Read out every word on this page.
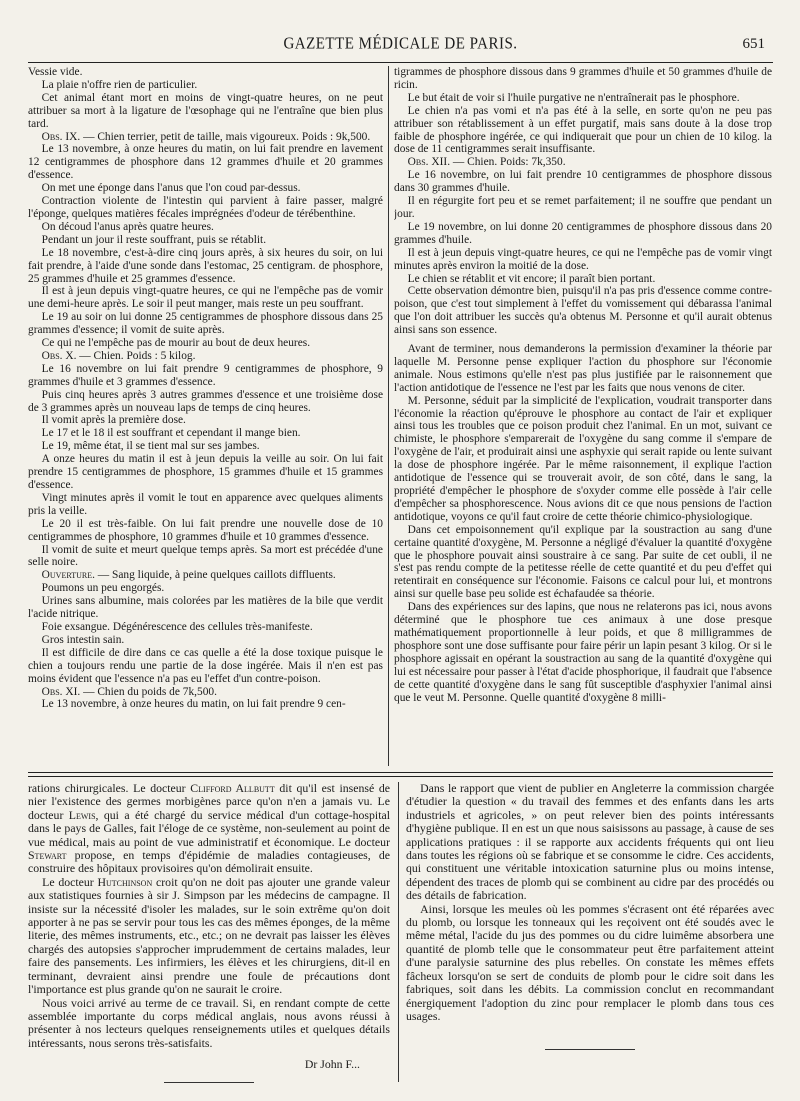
GAZETTE MÉDICALE DE PARIS.	651

Vessie vide.

La plaie n'offre rien de particulier.

Cet animal étant mort en moins de vingt-quatre heures, on ne peut attribuer sa mort à la ligature de l'œsophage qui ne l'entraîne que bien plus tard.

Obs. IX. — Chien terrier, petit de taille, mais vigoureux. Poids : 9k,500.

Le 13 novembre, à onze heures du matin, on lui fait prendre en lavement 12 centigrammes de phosphore dans 12 grammes d'huile et 20 grammes d'essence.

On met une éponge dans l'anus que l'on coud par-dessus.

Contraction violente de l'intestin qui parvient à faire passer, malgré l'éponge, quelques matières fécales imprégnées d'odeur de térébenthine.

On découd l'anus après quatre heures.

Pendant un jour il reste souffrant, puis se rétablit.

Le 18 novembre, c'est-à-dire cinq jours après, à six heures du soir, on lui fait prendre, à l'aide d'une sonde dans l'estomac, 25 centigram. de phosphore, 25 grammes d'huile et 25 grammes d'essence.

Il est à jeun depuis vingt-quatre heures, ce qui ne l'empêche pas de vomir une demi-heure après. Le soir il peut manger, mais reste un peu souffrant.

Le 19 au soir on lui donne 25 centigrammes de phosphore dissous dans 25 grammes d'essence; il vomit de suite après.

Ce qui ne l'empêche pas de mourir au bout de deux heures.

Obs. X. — Chien. Poids : 5 kilog.

Le 16 novembre on lui fait prendre 9 centigrammes de phosphore, 9 grammes d'huile et 3 grammes d'essence.

Puis cinq heures après 3 autres grammes d'essence et une troisième dose de 3 grammes après un nouveau laps de temps de cinq heures.

Il vomit après la première dose.

Le 17 et le 18 il est souffrant et cependant il mange bien.

Le 19, même état, il se tient mal sur ses jambes.

A onze heures du matin il est à jeun depuis la veille au soir. On lui fait prendre 15 centigrammes de phosphore, 15 grammes d'huile et 15 grammes d'essence.

Vingt minutes après il vomit le tout en apparence avec quelques aliments pris la veille.

Le 20 il est très-faible. On lui fait prendre une nouvelle dose de 10 centigrammes de phosphore, 10 grammes d'huile et 10 grammes d'essence.

Il vomit de suite et meurt quelque temps après. Sa mort est précédée d'une selle noire.

Ouverture. — Sang liquide, à peine quelques caillots diffluents.

Poumons un peu engorgés.

Urines sans albumine, mais colorées par les matières de la bile que verdit l'acide nitrique.

Foie exsangue. Dégénérescence des cellules très-manifeste.

Gros intestin sain.

Il est difficile de dire dans ce cas quelle a été la dose toxique puisque le chien a toujours rendu une partie de la dose ingérée. Mais il n'en est pas moins évident que l'essence n'a pas eu l'effet d'un contre-poison.

Obs. XI. — Chien du poids de 7k,500.

Le 13 novembre, à onze heures du matin, on lui fait prendre 9 cen-

tigrammes de phosphore dissous dans 9 grammes d'huile et 50 grammes d'huile de ricin.

Le but était de voir si l'huile purgative ne n'entraînerait pas le phosphore.

Le chien n'a pas vomi et n'a pas été à la selle, en sorte qu'on ne peu pas attribuer son rétablissement à un effet purgatif, mais sans doute à la dose trop faible de phosphore ingérée, ce qui indiquerait que pour un chien de 10 kilog. la dose de 11 centigrammes serait insuffisante.

Obs. XII. — Chien. Poids: 7k,350.

Le 16 novembre, on lui fait prendre 10 centigrammes de phosphore dissous dans 30 grammes d'huile.

Il en régurgite fort peu et se remet parfaitement; il ne souffre que pendant un jour.

Le 19 novembre, on lui donne 20 centigrammes de phosphore dissous dans 20 grammes d'huile.

Il est à jeun depuis vingt-quatre heures, ce qui ne l'empêche pas de vomir vingt minutes après environ la moitié de la dose.

Le chien se rétablit et vit encore; il paraît bien portant.

Cette observation démontre bien, puisqu'il n'a pas pris d'essence comme contre-poison, que c'est tout simplement à l'effet du vomissement qui débarassa l'animal que l'on doit attribuer les succès qu'a obtenus M. Personne et qu'il aurait obtenus ainsi sans son essence.

Avant de terminer, nous demanderons la permission d'examiner la théorie par laquelle M. Personne pense expliquer l'action du phosphore sur l'économie animale. Nous estimons qu'elle n'est pas plus justifiée par le raisonnement que l'action antidotique de l'essence ne l'est par les faits que nous venons de citer.

M. Personne, séduit par la simplicité de l'explication, voudrait transporter dans l'économie la réaction qu'éprouve le phosphore au contact de l'air et expliquer ainsi tous les troubles que ce poison produit chez l'animal. En un mot, suivant ce chimiste, le phosphore s'emparerait de l'oxygène du sang comme il s'empare de l'oxygène de l'air, et produirait ainsi une asphyxie qui serait rapide ou lente suivant la dose de phosphore ingérée. Par le même raisonnement, il explique l'action antidotique de l'essence qui se trouverait avoir, de son côté, dans le sang, la propriété d'empêcher le phosphore de s'oxyder comme elle possède à l'air celle d'empêcher sa phosphorescence. Nous avions dit ce que nous pensions de l'action antidotique, voyons ce qu'il faut croire de cette théorie chimico-physiologique.

Dans cet empoisonnement qu'il explique par la soustraction au sang d'une certaine quantité d'oxygène, M. Personne a négligé d'évaluer la quantité d'oxygène que le phosphore pouvait ainsi soustraire à ce sang. Par suite de cet oubli, il ne s'est pas rendu compte de la petitesse réelle de cette quantité et du peu d'effet qui retentirait en conséquence sur l'économie. Faisons ce calcul pour lui, et montrons ainsi sur quelle base peu solide est échafaudée sa théorie.

Dans des expériences sur des lapins, que nous ne relaterons pas ici, nous avons déterminé que le phosphore tue ces animaux à une dose presque mathématiquement proportionnelle à leur poids, et que 8 milligrammes de phosphore sont une dose suffisante pour faire périr un lapin pesant 3 kilog. Or si le phosphore agissait en opérant la soustraction au sang de la quantité d'oxygène qui lui est nécessaire pour passer à l'état d'acide phosphorique, il faudrait que l'absence de cette quantité d'oxygène dans le sang fût susceptible d'asphyxier l'animal ainsi que le veut M. Personne. Quelle quantité d'oxygène 8 milli-

rations chirurgicales. Le docteur Clifford Allbutt dit qu'il est insensé de nier l'existence des germes morbigènes parce qu'on n'en a jamais vu. Le docteur Lewis, qui a été chargé du service médical d'un cottage-hospital dans le pays de Galles, fait l'éloge de ce système, non-seulement au point de vue médical, mais au point de vue administratif et économique. Le docteur Stewart propose, en temps d'épidémie de maladies contagieuses, de construire des hôpitaux provisoires qu'on démolirait ensuite.

Le docteur Hutchinson croit qu'on ne doit pas ajouter une grande valeur aux statistiques fournies à sir J. Simpson par les médecins de campagne. Il insiste sur la nécessité d'isoler les malades, sur le soin extrême qu'on doit apporter à ne pas se servir pour tous les cas des mêmes éponges, de la même literie, des mêmes instruments, etc., etc.; on ne devrait pas laisser les élèves chargés des autopsies s'approcher imprudemment de certains malades, leur faire des pansements. Les infirmiers, les élèves et les chirurgiens, dit-il en terminant, devraient ainsi prendre une foule de précautions dont l'importance est plus grande qu'on ne saurait le croire.

Nous voici arrivé au terme de ce travail. Si, en rendant compte de cette assemblée importante du corps médical anglais, nous avons réussi à présenter à nos lecteurs quelques renseignements utiles et quelques détails intéressants, nous serons très-satisfaits.

Dr John F...

Dans le rapport que vient de publier en Angleterre la commission chargée d'étudier la question « du travail des femmes et des enfants dans les arts industriels et agricoles, » on peut relever bien des points intéressants d'hygiène publique. Il en est un que nous saisissons au passage, à cause de ses applications pratiques : il se rapporte aux accidents fréquents qui ont lieu dans toutes les régions où se fabrique et se consomme le cidre. Ces accidents, qui constituent une véritable intoxication saturnine plus ou moins intense, dépendent des traces de plomb qui se combinent au cidre par des procédés ou des détails de fabrication.

Ainsi, lorsque les meules où les pommes s'écrasent ont été réparées avec du plomb, ou lorsque les tonneaux qui les reçoivent ont été soudés avec le même métal, l'acide du jus des pommes ou du cidre luimême absorbera une quantité de plomb telle que le consommateur peut être parfaitement atteint d'une paralysie saturnine des plus rebelles. On constate les mêmes effets fâcheux lorsqu'on se sert de conduits de plomb pour le cidre soit dans les fabriques, soit dans les débits. La commission conclut en recommandant énergiquement l'adoption du zinc pour remplacer le plomb dans tous ces usages.
